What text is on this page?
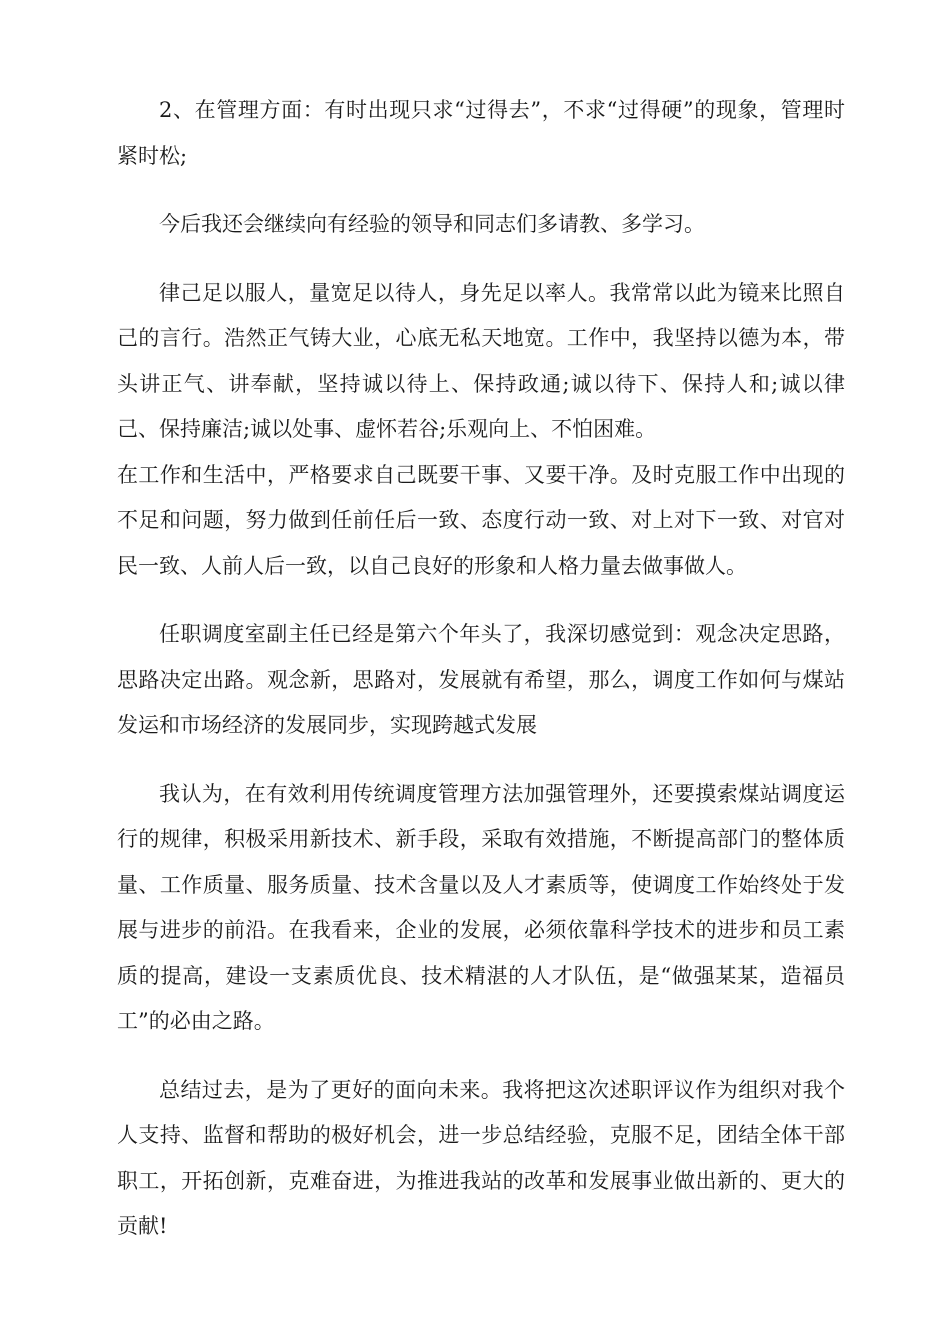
2、在管理方面：有时出现只求“过得去”，不求“过得硬”的现象，管理时紧时松;

今后我还会继续向有经验的领导和同志们多请教、多学习。

律己足以服人，量宽足以待人，身先足以率人。我常常以此为镜来比照自己的言行。浩然正气铸大业，心底无私天地宽。工作中，我坚持以德为本，带头讲正气、讲奉献，坚持诚以待上、保持政通;诚以待下、保持人和;诚以律己、保持廉洁;诚以处事、虚怀若谷;乐观向上、不怕困难。

在工作和生活中，严格要求自己既要干事、又要干净。及时克服工作中出现的不足和问题，努力做到任前任后一致、态度行动一致、对上对下一致、对官对民一致、人前人后一致，以自己良好的形象和人格力量去做事做人。

任职调度室副主任已经是第六个年头了，我深切感觉到：观念决定思路，思路决定出路。观念新，思路对，发展就有希望，那么，调度工作如何与煤站发运和市场经济的发展同步，实现跨越式发展

我认为，在有效利用传统调度管理方法加强管理外，还要摸索煤站调度运行的规律，积极采用新技术、新手段，采取有效措施，不断提高部门的整体质量、工作质量、服务质量、技术含量以及人才素质等，使调度工作始终处于发展与进步的前沿。在我看来，企业的发展，必须依靠科学技术的进步和员工素质的提高，建设一支素质优良、技术精湛的人才队伍，是“做强某某，造福员工”的必由之路。

总结过去，是为了更好的面向未来。我将把这次述职评议作为组织对我个人支持、监督和帮助的极好机会，进一步总结经验，克服不足，团结全体干部职工，开拓创新，克难奋进，为推进我站的改革和发展事业做出新的、更大的贡献!
